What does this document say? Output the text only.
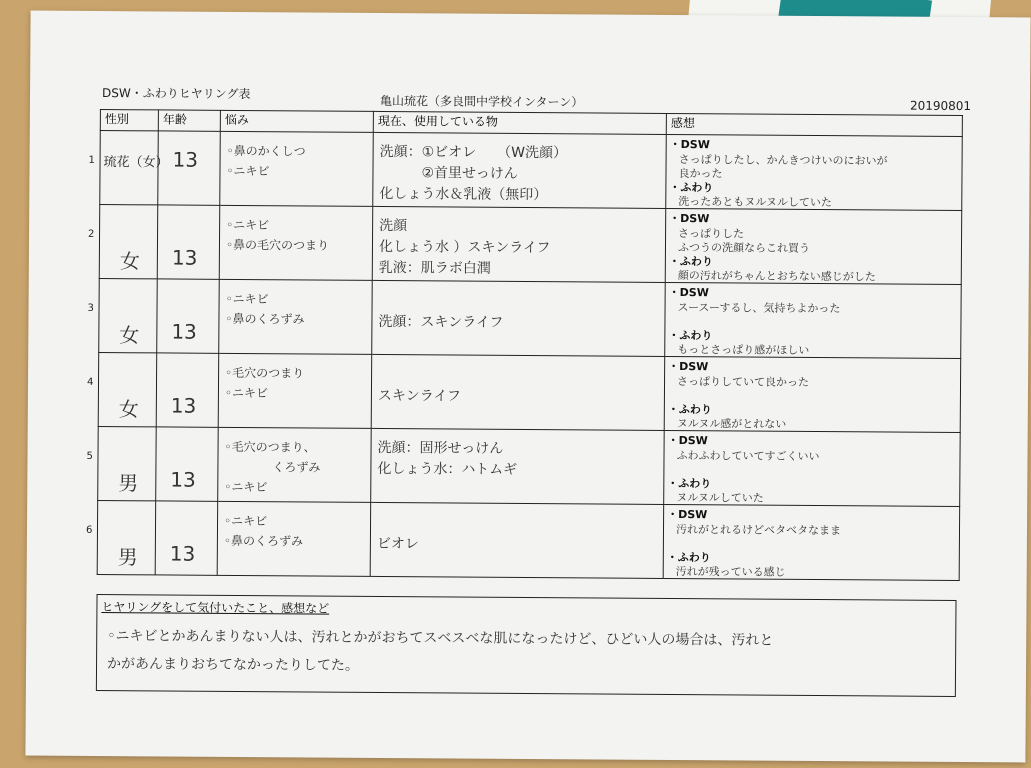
DSW・ふわりヒヤリング表
亀山琉花（多良間中学校インターン）	20190801
性別	年齢	悩み	現在、使用している物	感想

1 琉花（女）	13	◦鼻のかくしつ
◦ニキビ	洗顔：①ビオレ　　（W洗顔）
　　　②首里せっけん
化しょう水＆乳液（無印）	・DSW
さっぱりしたし、かんきつけいのにおいが
良かった
・ふわり
洗ったあともヌルヌルしていた

2
女	13	◦ニキビ
◦鼻の毛穴のつまり	洗顔
化しょう水 ）スキンライフ
乳液：肌ラボ白潤	・DSW
さっぱりした
ふつうの洗顔ならこれ買う
・ふわり
顔の汚れがちゃんとおちない感じがした

3
女	13	◦ニキビ
◦鼻のくろずみ	洗顔：スキンライフ	・DSW
スースーするし、気持ちよかった
・ふわり
もっとさっぱり感がほしい

4
女	13	◦毛穴のつまり
◦ニキビ	スキンライフ	・DSW
さっぱりしていて良かった
・ふわり
ヌルヌル感がとれない

5
男	13	◦毛穴のつまり、
　　　　くろずみ
◦ニキビ	洗顔：固形せっけん
化しょう水：ハトムギ	・DSW
ふわふわしていてすごくいい
・ふわり
ヌルヌルしていた

6
男	13	◦ニキビ
◦鼻のくろずみ	ビオレ	・DSW
汚れがとれるけどベタベタなまま
・ふわり
汚れが残っている感じ
ヒヤリングをして気付いたこと、感想など
◦ニキビとかあんまりない人は、汚れとかがおちてスベスベな肌になったけど、ひどい人の場合は、汚れと
かがあんまりおちてなかったりしてた。
